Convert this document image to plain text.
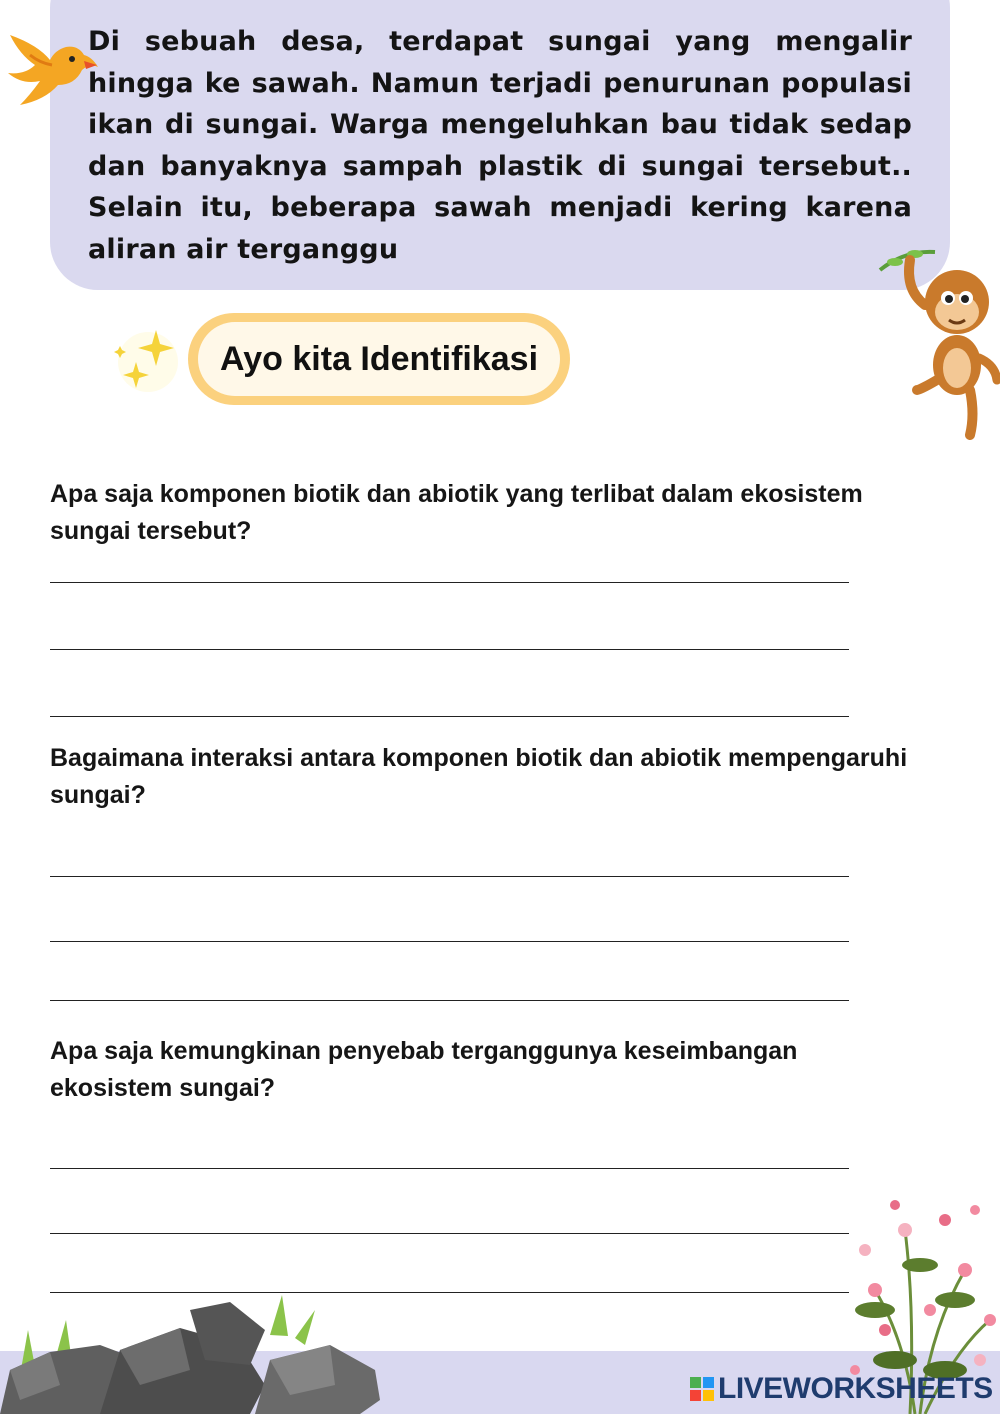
Di sebuah desa, terdapat sungai yang mengalir hingga ke sawah. Namun terjadi penurunan populasi ikan di sungai. Warga mengeluhkan bau tidak sedap dan banyaknya sampah plastik di sungai tersebut.. Selain itu, beberapa sawah menjadi kering karena aliran air terganggu
Ayo kita Identifikasi
Apa saja komponen biotik dan abiotik yang terlibat dalam ekosistem sungai tersebut?
Bagaimana interaksi antara komponen biotik dan abiotik mempengaruhi sungai?
Apa saja kemungkinan penyebab terganggunya keseimbangan ekosistem sungai?
LIVEWORKSHEETS
